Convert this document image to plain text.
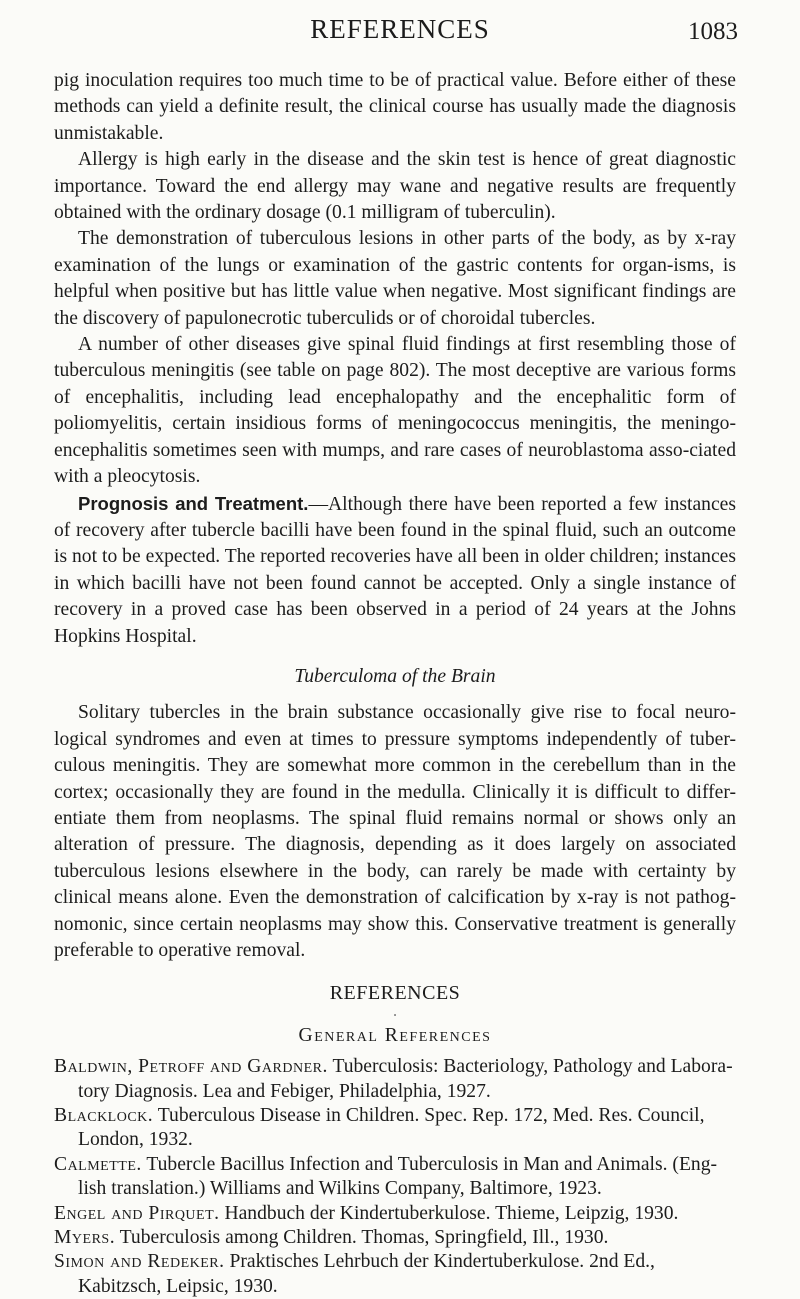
REFERENCES	1083

pig inoculation requires too much time to be of practical value. Before either of these methods can yield a definite result, the clinical course has usually made the diagnosis unmistakable.

Allergy is high early in the disease and the skin test is hence of great diagnostic importance. Toward the end allergy may wane and negative results are frequently obtained with the ordinary dosage (0.1 milligram of tuberculin).

The demonstration of tuberculous lesions in other parts of the body, as by x-ray examination of the lungs or examination of the gastric contents for organ-isms, is helpful when positive but has little value when negative. Most significant findings are the discovery of papulonecrotic tuberculids or of choroidal tubercles.

A number of other diseases give spinal fluid findings at first resembling those of tuberculous meningitis (see table on page 802). The most deceptive are various forms of encephalitis, including lead encephalopathy and the encephalitic form of poliomyelitis, certain insidious forms of meningococcus meningitis, the meningo-encephalitis sometimes seen with mumps, and rare cases of neuroblastoma asso-ciated with a pleocytosis.

Prognosis and Treatment.—Although there have been reported a few instances of recovery after tubercle bacilli have been found in the spinal fluid, such an outcome is not to be expected. The reported recoveries have all been in older children; instances in which bacilli have not been found cannot be accepted. Only a single instance of recovery in a proved case has been observed in a period of 24 years at the Johns Hopkins Hospital.

Tuberculoma of the Brain

Solitary tubercles in the brain substance occasionally give rise to focal neuro-logical syndromes and even at times to pressure symptoms independently of tuber-culous meningitis. They are somewhat more common in the cerebellum than in the cortex; occasionally they are found in the medulla. Clinically it is difficult to differ-entiate them from neoplasms. The spinal fluid remains normal or shows only an alteration of pressure. The diagnosis, depending as it does largely on associated tuberculous lesions elsewhere in the body, can rarely be made with certainty by clinical means alone. Even the demonstration of calcification by x-ray is not pathog-nomonic, since certain neoplasms may show this. Conservative treatment is generally preferable to operative removal.

REFERENCES
•
General References
Baldwin, Petroff and Gardner. Tuberculosis: Bacteriology, Pathology and Labora-tory Diagnosis. Lea and Febiger, Philadelphia, 1927.
Blacklock. Tuberculous Disease in Children. Spec. Rep. 172, Med. Res. Council, London, 1932.
Calmette. Tubercle Bacillus Infection and Tuberculosis in Man and Animals. (Eng-lish translation.) Williams and Wilkins Company, Baltimore, 1923.
Engel and Pirquet. Handbuch der Kindertuberkulose. Thieme, Leipzig, 1930.
Myers. Tuberculosis among Children. Thomas, Springfield, Ill., 1930.
Simon and Redeker. Praktisches Lehrbuch der Kindertuberkulose. 2nd Ed., Kabitzsch, Leipsic, 1930.
